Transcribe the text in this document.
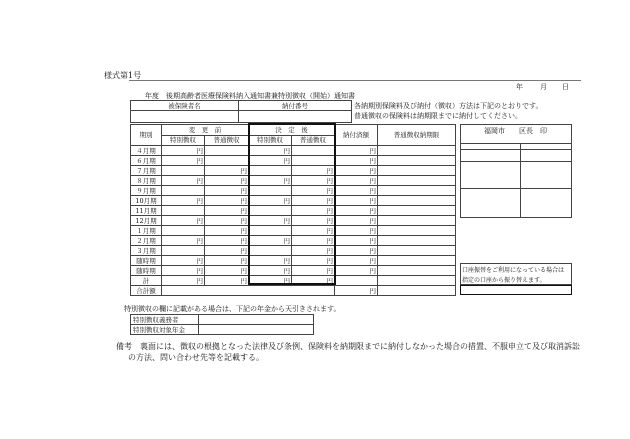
様式第1号
年 月 日
年度　後期高齢者医療保険料納入通知書兼特別徴収（開始）通知書
被保険者名	納付番号
		各納期別保険料及び納付（徴収）方法は下記のとおりです。
普通徴収の保険料は納期限までに納付してください。
期別	変　更　前		決　定　後		納付済額	普通徴収納期限
	特別徴収	普通徴収	特別徴収	普通徴収		
４月期	円		円		円	
６月期	円		円		円	
７月期		円		円	円	
８月期	円	円	円	円	円	
９月期		円		円	円	
10月期	円	円	円	円	円	
11月期		円		円	円	
12月期	円	円	円	円	円	
１月期		円		円	円	
２月期	円	円	円	円	円	
３月期		円		円	円	
随時期	円	円	円	円	円	
随時期	円	円	円	円	円	
計	円	円	円	円		
合計額					円	
福岡市　　区長　印
口座振替をご利用になっている場合は
指定の口座から振り替えます。
特別徴収の欄に記載がある場合は、下記の年金から天引きされます。
特別徴収義務者	
特別徴収対象年金	
備考　裏面には、徴収の根拠となった法律及び条例、保険料を納期限までに納付しなかった場合の措置、不服申立て及び取消訴訟
の方法、問い合わせ先等を記載する。
